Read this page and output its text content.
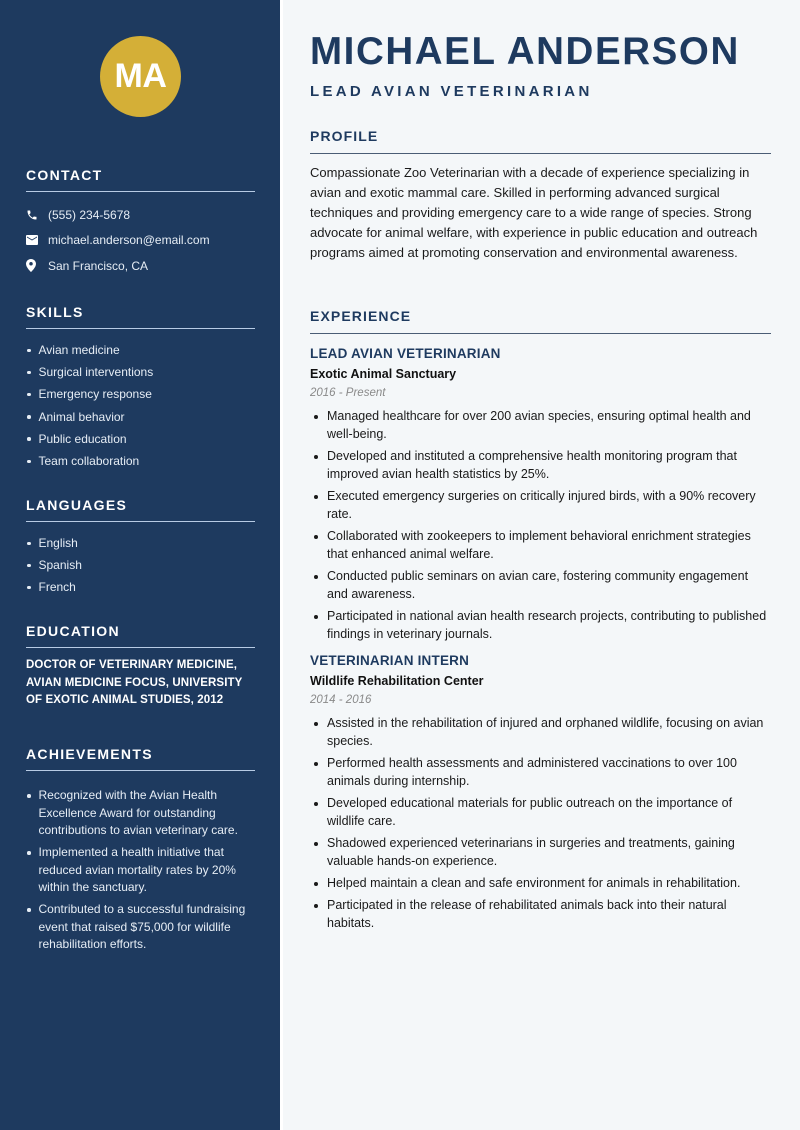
MA
CONTACT
(555) 234-5678
michael.anderson@email.com
San Francisco, CA
SKILLS
Avian medicine
Surgical interventions
Emergency response
Animal behavior
Public education
Team collaboration
LANGUAGES
English
Spanish
French
EDUCATION

DOCTOR OF VETERINARY MEDICINE, AVIAN MEDICINE FOCUS, UNIVERSITY OF EXOTIC ANIMAL STUDIES, 2012

ACHIEVEMENTS
Recognized with the Avian Health Excellence Award for outstanding contributions to avian veterinary care.
Implemented a health initiative that reduced avian mortality rates by 20% within the sanctuary.
Contributed to a successful fundraising event that raised $75,000 for wildlife rehabilitation efforts.
MICHAEL ANDERSON
LEAD AVIAN VETERINARIAN
PROFILE

Compassionate Zoo Veterinarian with a decade of experience specializing in avian and exotic mammal care. Skilled in performing advanced surgical techniques and providing emergency care to a wide range of species. Strong advocate for animal welfare, with experience in public education and outreach programs aimed at promoting conservation and environmental awareness.

EXPERIENCE
LEAD AVIAN VETERINARIAN
Exotic Animal Sanctuary
2016 - Present
Managed healthcare for over 200 avian species, ensuring optimal health and well-being.
Developed and instituted a comprehensive health monitoring program that improved avian health statistics by 25%.
Executed emergency surgeries on critically injured birds, with a 90% recovery rate.
Collaborated with zookeepers to implement behavioral enrichment strategies that enhanced animal welfare.
Conducted public seminars on avian care, fostering community engagement and awareness.
Participated in national avian health research projects, contributing to published findings in veterinary journals.
VETERINARIAN INTERN
Wildlife Rehabilitation Center
2014 - 2016
Assisted in the rehabilitation of injured and orphaned wildlife, focusing on avian species.
Performed health assessments and administered vaccinations to over 100 animals during internship.
Developed educational materials for public outreach on the importance of wildlife care.
Shadowed experienced veterinarians in surgeries and treatments, gaining valuable hands-on experience.
Helped maintain a clean and safe environment for animals in rehabilitation.
Participated in the release of rehabilitated animals back into their natural habitats.
